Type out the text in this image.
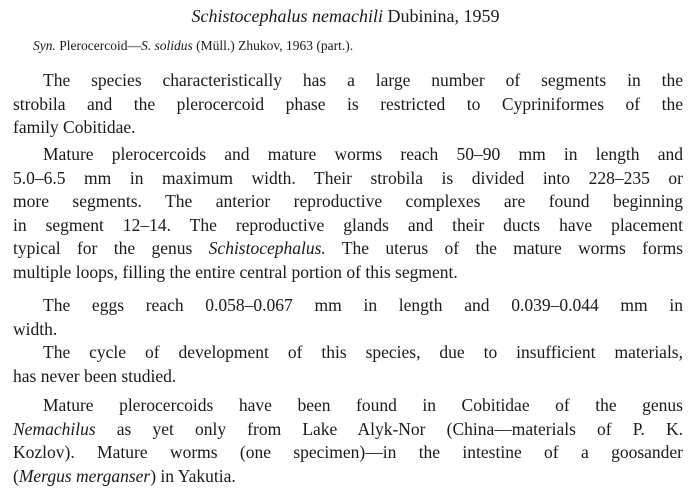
Schistocephalus nemachili Dubinina, 1959
Syn. Plerocercoid—S. solidus (Müll.) Zhukov, 1963 (part.).
The species characteristically has a large number of segments in the
strobila and the plerocercoid phase is restricted to Cypriniformes of the
family Cobitidae.
Mature plerocercoids and mature worms reach 50–90 mm in length and
5.0–6.5 mm in maximum width. Their strobila is divided into 228–235 or
more segments. The anterior reproductive complexes are found beginning
in segment 12–14. The reproductive glands and their ducts have placement
typical for the genus Schistocephalus. The uterus of the mature worms forms
multiple loops, filling the entire central portion of this segment.
The eggs reach 0.058–0.067 mm in length and 0.039–0.044 mm in
width.
The cycle of development of this species, due to insufficient materials,
has never been studied.
Mature plerocercoids have been found in Cobitidae of the genus
Nemachilus as yet only from Lake Alyk-Nor (China—materials of P. K.
Kozlov). Mature worms (one specimen)—in the intestine of a goosander
(Mergus merganser) in Yakutia.
